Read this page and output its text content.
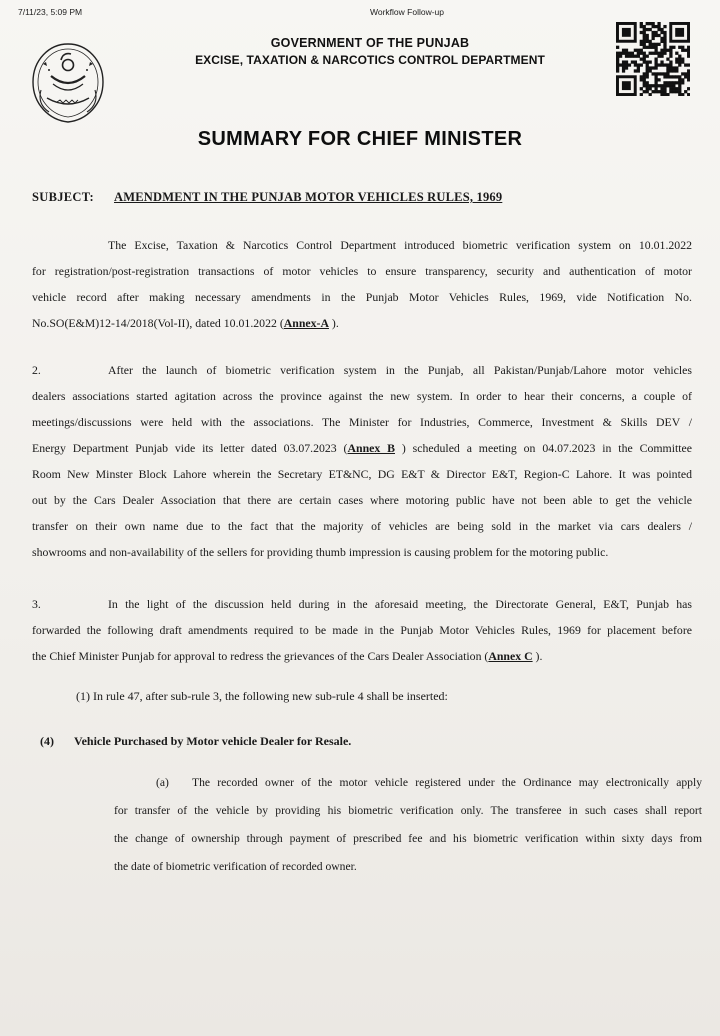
7/11/23, 5:09 PM	Workflow Follow-up
GOVERNMENT OF THE PUNJAB
EXCISE, TAXATION & NARCOTICS CONTROL DEPARTMENT
SUMMARY FOR CHIEF MINISTER
SUBJECT: AMENDMENT IN THE PUNJAB MOTOR VEHICLES RULES, 1969
The Excise, Taxation & Narcotics Control Department introduced biometric verification system on 10.01.2022
for registration/post-registration transactions of motor vehicles to ensure transparency, security and authentication of motor
vehicle record after making necessary amendments in the Punjab Motor Vehicles Rules, 1969, vide Notification No.
No.SO(E&M)12-14/2018(Vol-II), dated 10.01.2022 (Annex-A ).
2.	After the launch of biometric verification system in the Punjab, all Pakistan/Punjab/Lahore motor vehicles
dealers associations started agitation across the province against the new system. In order to hear their concerns, a couple of
meetings/discussions were held with the associations. The Minister for Industries, Commerce, Investment & Skills DEV /
Energy Department Punjab vide its letter dated 03.07.2023 (Annex B ) scheduled a meeting on 04.07.2023 in the Committee
Room New Minster Block Lahore wherein the Secretary ET&NC, DG E&T & Director E&T, Region-C Lahore. It was pointed
out by the Cars Dealer Association that there are certain cases where motoring public have not been able to get the vehicle
transfer on their own name due to the fact that the majority of vehicles are being sold in the market via cars dealers /
showrooms and non-availability of the sellers for providing thumb impression is causing problem for the motoring public.
3.	In the light of the discussion held during in the aforesaid meeting, the Directorate General, E&T, Punjab has
forwarded the following draft amendments required to be made in the Punjab Motor Vehicles Rules, 1969 for placement before
the Chief Minister Punjab for approval to redress the grievances of the Cars Dealer Association (Annex C ).
(1) In rule 47, after sub-rule 3, the following new sub-rule 4 shall be inserted:
(4) Vehicle Purchased by Motor vehicle Dealer for Resale.
(a) The recorded owner of the motor vehicle registered under the Ordinance may electronically apply
for transfer of the vehicle by providing his biometric verification only. The transferee in such cases shall report
the change of ownership through payment of prescribed fee and his biometric verification within sixty days from
the date of biometric verification of recorded owner.
